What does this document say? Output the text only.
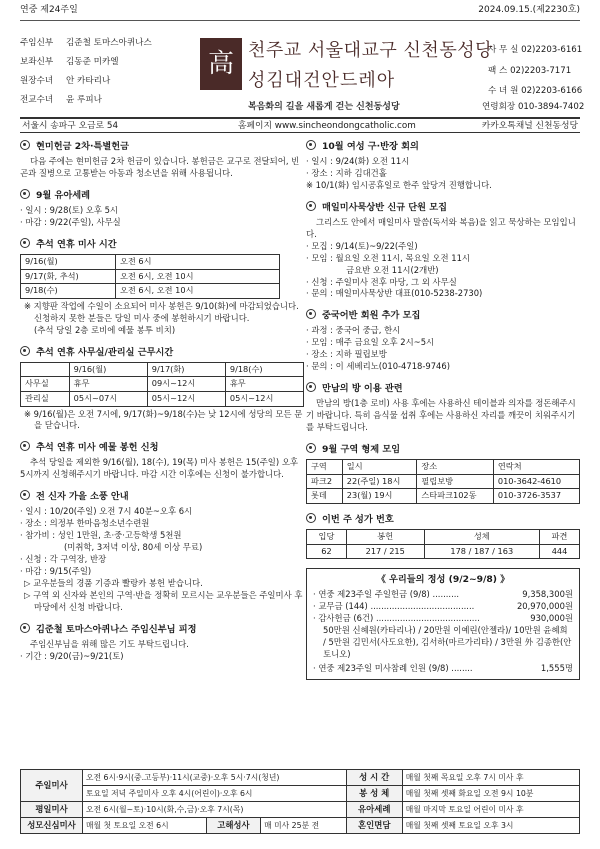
연중 제24주일	2024.09.15.(제2230호)
주임신부 김준철 토마스아퀴나스
보좌신부 김동준 미카엘
원장수녀 안 카타리나
전교수녀 윤 루피나
高 천주교 서울대교구 신천동성당
성김대건안드레아
사 무 실 02)2203-6161
팩 스 02)2203-7171
수 녀 원 02)2203-6166
복음화의 길을 새롭게 걷는 신천동성당	연령회장 010-3894-7402
서울시 송파구 오금로 54	홈페이지 www.sincheondongcatholic.com	카카오톡채널 신천동성당
현미헌금 2차·특별헌금
다음 주에는 현미헌금 2차 헌금이 있습니다. 봉헌금은 교구로 전달되어, 빈곤과 질병으로 고통받는 아동과 청소년을 위해 사용됩니다.
9월 유아세례
· 일시 : 9/28(토) 오후 5시
· 마감 : 9/22(주일), 사무실
추석 연휴 미사 시간
9/16(월)	오전 6시
9/17(화, 추석)	오전 6시, 오전 10시
9/18(수)	오전 6시, 오전 10시
※ 지향판 작업에 수일이 소요되어 미사 봉헌은 9/10(화)에 마감되었습니다. 신청하지 못한 분들은 당일 미사 중에 봉헌하시기 바랍니다.
(추석 당일 2층 로비에 예물 봉투 비치)
추석 연휴 사무실/관리실 근무시간
	9/16(월)	9/17(화)	9/18(수)
사무실	휴무	09시~12시	휴무
관리실	05시~07시	05시~12시	05시~12시
※ 9/16(월)은 오전 7시에, 9/17(화)~9/18(수)는 낮 12시에 성당의 모든 문을 닫습니다.
추석 연휴 미사 예물 봉헌 신청
추석 당일을 제외한 9/16(월), 18(수), 19(목) 미사 봉헌은 15(주일) 오후 5시까지 신청해주시기 바랍니다. 마감 시간 이후에는 신청이 불가합니다.
전 신자 가을 소풍 안내
· 일시 : 10/20(주일) 오전 7시 40분~오후 6시
· 장소 : 의정부 한마음청소년수련원
· 참가비 : 성인 1만원, 초·중·고등학생 5천원
(미취학, 3저녁 이상, 80세 이상 무료)
· 신청 : 각 구역장, 반장
· 마감 : 9/15(주일)
▷ 교우분들의 경품 기증과 빨랑카 봉헌 받습니다.
▷ 구역 외 신자와 본인의 구역·반을 정확히 모르시는 교우분들은 주일미사 후 마당에서 신청 바랍니다.
김준철 토마스아퀴나스 주임신부님 피정
주임신부님을 위해 많은 기도 부탁드립니다.
· 기간 : 9/20(금)~9/21(토)
10월 여성 구·반장 회의
· 일시 : 9/24(화) 오전 11시
· 장소 : 지하 김대건홀
※ 10/1(화) 임시공휴일로 한주 앞당겨 진행합니다.
매일미사묵상반 신규 단원 모집
그리스도 안에서 매일미사 말씀(독서와 복음)을 읽고 묵상하는 모임입니다.
· 모집 : 9/14(토)~9/22(주일)
· 모임 : 월요일 오전 11시, 목요일 오전 11시
금요반 오전 11시(2개반)
· 신청 : 주일미사 전후 마당, 그 외 사무실
· 문의 : 매일미사묵상반 대표(010-5238-2730)
중국어반 회원 추가 모집
· 과정 : 중국어 중급, 한시
· 모임 : 매주 금요일 오후 2시~5시
· 장소 : 지하 필립보방
· 문의 : 이 세베리노(010-4718-9746)
만남의 방 이용 관련
만남의 방(1층 로비) 사용 후에는 사용하신 테이블과 의자를 정돈해주시기 바랍니다. 특히 음식물 섭취 후에는 사용하신 자리를 깨끗이 치워주시기를 부탁드립니다.
9월 구역 형제 모임
구역	일시	장소	연락처
파크2	22(주일) 18시	필립보방	010-3642-4610
롯데	23(월) 19시	스타파크102동	010-3726-3537
이번 주 성가 번호
입당	봉헌	성체	파견
62	217 / 215	178 / 187 / 163	444
《 우리들의 정성 (9/2~9/8) 》
· 연중 제23주일 주일헌금 (9/8) ..........	9,358,300원
· 교무금 (144) .......................................	20,970,000원
· 감사헌금 (6건) .......................................	930,000원
50만원 신혜원(카타리나) / 20만원 이예린(안젤라)/ 10만원 윤혜희 / 5만원 김민서(사도요한), 김서하(마르가리타) / 3만원 外 김종한(안토니오)
· 연중 제23주일 미사참례 인원 (9/8) ........	1,555명
주일미사	오전 6시·9시(중.고등부)·11시(교중)·오후 5시·7시(청년)			성 시 간	매월 첫째 목요일 오후 7시 미사 후
	토요일 저녁 주일미사 오후 4시(어린이)·오후 6시			봉 성 체	매월 첫째 셋째 화요일 오전 9시 10분
평일미사	오전 6시(월~토)·10시(화,수,금)·오후 7시(목)			유아세례	매월 마지막 토요일 어린이 미사 후
성모신심미사	매월 첫 토요일 오전 6시	고해성사	매 미사 25분 전	혼인면담	매월 첫째 셋째 토요일 오후 3시
